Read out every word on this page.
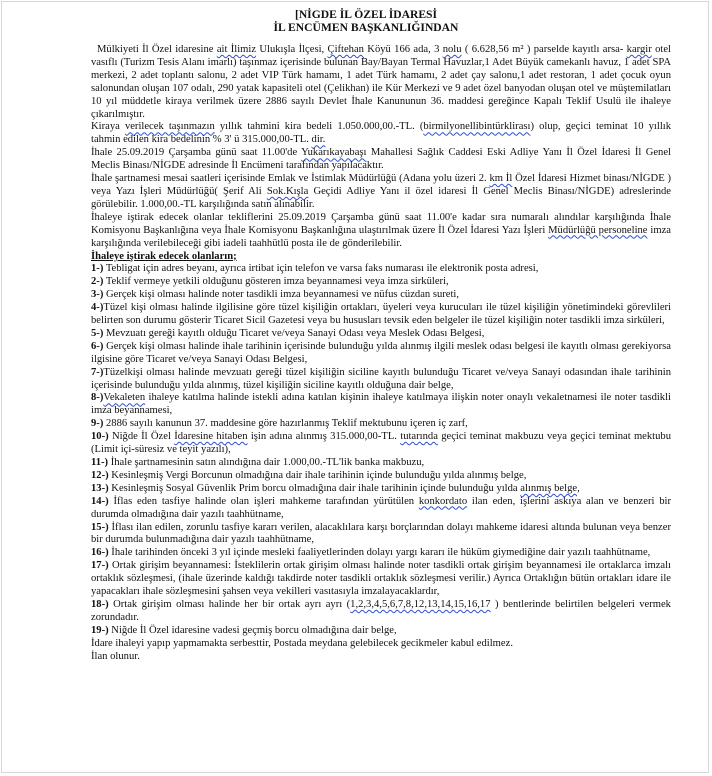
[NİGDE İL ÖZEL İDARESİ
İL ENCÜMEN BAŞKANLIĞINDAN

Mülkiyeti İl Özel idaresine ait İlimiz Ulukışla İlçesi, Çiftehan Köyü 166 ada, 3 nolu ( 6.628,56 m² ) parselde kayıtlı arsa- kargir otel vasıflı (Turizm Tesis Alanı imarlı) taşınmaz içerisinde bulunan Bay/Bayan Termal Havuzlar,1 Adet Büyük camekanlı havuz, 1 adet SPA merkezi, 2 adet toplantı salonu, 2 adet VIP Türk hamamı, 1 adet Türk hamamı, 2 adet çay salonu,1 adet restoran, 1 adet çocuk oyun salonundan oluşan 107 odalı, 290 yatak kapasiteli otel (Çelikhan) ile Kür Merkezi ve 9 adet özel banyodan oluşan otel ve müştemilatları 10 yıl müddetle kiraya verilmek üzere 2886 sayılı Devlet İhale Kanununun 36. maddesi gereğince Kapalı Teklif Usulü ile ihaleye çıkarılmıştır.

Kiraya verilecek taşınmazın yıllık tahmini kira bedeli 1.050.000,00.-TL. (birmilyonellibintürklirası) olup, geçici teminat 10 yıllık tahmin edilen kira bedelinin % 3' ü 315.000,00-TL. dir.

İhale 25.09.2019 Çarşamba günü saat 11.00'de Yukarıkayabaşı Mahallesi Sağlık Caddesi Eski Adliye Yanı İl Özel İdaresi İl Genel Meclis Binası/NİGDE adresinde İl Encümeni tarafından yapılacaktır.

İhale şartnamesi mesai saatleri içerisinde Emlak ve İstimlak Müdürlüğü (Adana yolu üzeri 2. km İl Özel İdaresi Hizmet binası/NİGDE ) veya Yazı İşleri Müdürlüğü( Şerif Ali Sok.Kışla Geçidi Adliye Yanı il özel idaresi İl Genel Meclis Binası/NİGDE) adreslerinde görülebilir. 1.000,00.-TL karşılığında satın alınabilir.

İhaleye iştirak edecek olanlar tekliflerini 25.09.2019 Çarşamba günü saat 11.00'e kadar sıra numaralı alındılar karşılığında İhale Komisyonu Başkanlığına veya İhale Komisyonu Başkanlığına ulaştırılmak üzere İl Özel İdaresi Yazı İşleri Müdürlüğü personeline imza karşılığında verilebileceği gibi iadeli taahhütlü posta ile de gönderilebilir.

İhaleye iştirak edecek olanların;

1-) Tebligat için adres beyanı, ayrıca irtibat için telefon ve varsa faks numarası ile elektronik posta adresi,

2-) Teklif vermeye yetkili olduğunu gösteren imza beyannamesi veya imza sirküleri,

3-) Gerçek kişi olması halinde noter tasdikli imza beyannamesi ve nüfus cüzdan sureti,

4-)Tüzel kişi olması halinde ilgilisine göre tüzel kişiliğin ortakları, üyeleri veya kurucuları ile tüzel kişiliğin yönetimindeki görevlileri belirten son durumu gösterir Ticaret Sicil Gazetesi veya bu hususları tevsik eden belgeler ile tüzel kişiliğin noter tasdikli imza sirküleri,

5-) Mevzuatı gereği kayıtlı olduğu Ticaret ve/veya Sanayi Odası veya Meslek Odası Belgesi,

6-) Gerçek kişi olması halinde ihale tarihinin içerisinde bulunduğu yılda alınmış ilgili meslek odası belgesi ile kayıtlı olması gerekiyorsa ilgisine göre Ticaret ve/veya Sanayi Odası Belgesi,

7-)Tüzelkişi olması halinde mevzuatı gereği tüzel kişiliğin siciline kayıtlı bulunduğu Ticaret ve/veya Sanayi odasından ihale tarihinin içerisinde bulunduğu yılda alınmış, tüzel kişiliğin siciline kayıtlı olduğuna dair belge,

8-)Vekaleten ihaleye katılma halinde istekli adına katılan kişinin ihaleye katılmaya ilişkin noter onaylı vekaletnamesi ile noter tasdikli imza beyannamesi,

9-) 2886 sayılı kanunun 37. maddesine göre hazırlanmış Teklif mektubunu içeren iç zarf,

10-) Niğde İl Özel İdaresine hitaben işin adına alınmış 315.000,00-TL. tutarında geçici teminat makbuzu veya geçici teminat mektubu (Limit içi-süresiz ve teyit yazılı),

11-) İhale şartnamesinin satın alındığına dair 1.000,00.-TL'lik banka makbuzu,

12-) Kesinleşmiş Vergi Borcunun olmadığına dair ihale tarihinin içinde bulunduğu yılda alınmış belge,

13-) Kesinleşmiş Sosyal Güvenlik Prim borcu olmadığına dair ihale tarihinin içinde bulunduğu yılda alınmış belge,

14-) İflas eden tasfiye halinde olan işleri mahkeme tarafından yürütülen konkordato ilan eden, işlerini askıya alan ve benzeri bir durumda olmadığına dair yazılı taahhütname,

15-) İflası ilan edilen, zorunlu tasfiye kararı verilen, alacaklılara karşı borçlarından dolayı mahkeme idaresi altında bulunan veya benzer bir durumda bulunmadığına dair yazılı taahhütname,

16-) İhale tarihinden önceki 3 yıl içinde mesleki faaliyetlerinden dolayı yargı kararı ile hüküm giymediğine dair yazılı taahhütname,

17-) Ortak girişim beyannamesi: İsteklilerin ortak girişim olması halinde noter tasdikli ortak girişim beyannamesi ile ortaklarca imzalı ortaklık sözleşmesi, (ihale üzerinde kaldığı takdirde noter tasdikli ortaklık sözleşmesi verilir.) Ayrıca Ortaklığın bütün ortakları idare ile yapacakları ihale sözleşmesini şahsen veya vekilleri vasıtasıyla imzalayacaklardır,

18-) Ortak girişim olması halinde her bir ortak ayrı ayrı (1,2,3,4,5,6,7,8,12,13,14,15,16,17 ) bentlerinde belirtilen belgeleri vermek zorundadır.

19-) Niğde İl Özel idaresine vadesi geçmiş borcu olmadığına dair belge,

İdare ihaleyi yapıp yapmamakta serbesttir, Postada meydana gelebilecek gecikmeler kabul edilmez.

İlan olunur.
